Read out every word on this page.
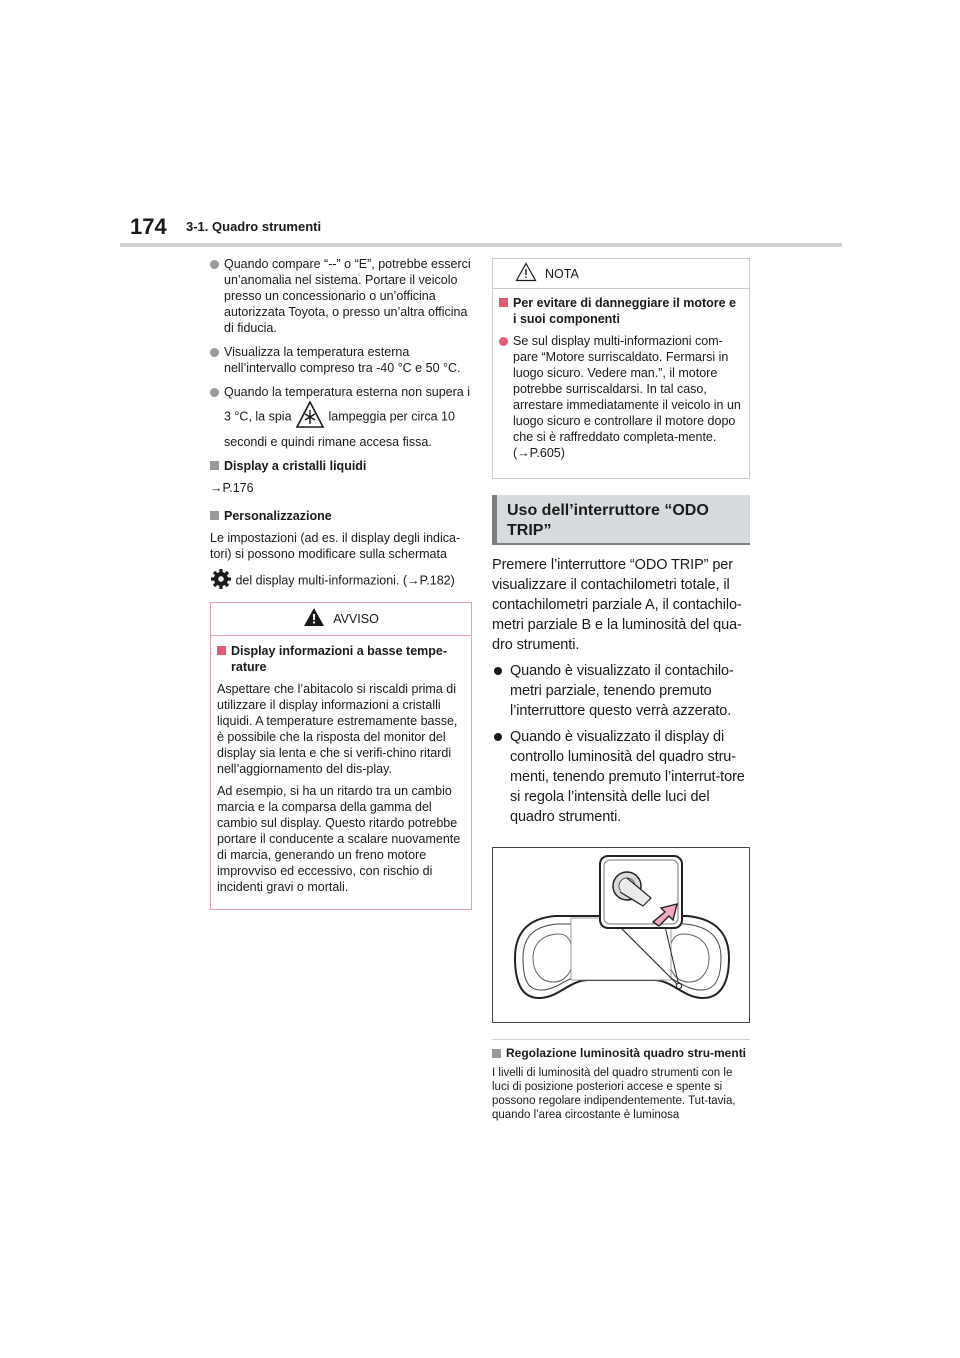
174 3-1. Quadro strumenti
Quando compare “--” o “E”, potrebbe esserci un’anomalia nel sistema. Portare il veicolo presso un concessionario o un’officina autorizzata Toyota, o presso un’altra officina di fiducia.
Visualizza la temperatura esterna nell’intervallo compreso tra -40 °C e 50 °C.
Quando la temperatura esterna non supera i 3 °C, la spia	lampeggia per circa 10 secondi e quindi rimane accesa fissa.
Display a cristalli liquidi
→P.176
Personalizzazione
Le impostazioni (ad es. il display degli indica-tori) si possono modificare sulla schermata
del display multi-informazioni. (→P.182)
AVVISO
Display informazioni a basse tempe-rature
Aspettare che l’abitacolo si riscaldi prima di utilizzare il display informazioni a cristalli liquidi. A temperature estremamente basse, è possibile che la risposta del monitor del display sia lenta e che si verifi-chino ritardi nell’aggiornamento del dis-play.
Ad esempio, si ha un ritardo tra un cambio marcia e la comparsa della gamma del cambio sul display. Questo ritardo potrebbe portare il conducente a scalare nuovamente di marcia, generando un freno motore improvviso ed eccessivo, con rischio di incidenti gravi o mortali.
NOTA
Per evitare di danneggiare il motore e i suoi componenti
Se sul display multi-informazioni com-pare “Motore surriscaldato. Fermarsi in luogo sicuro. Vedere man.”, il motore potrebbe surriscaldarsi. In tal caso, arrestare immediatamente il veicolo in un luogo sicuro e controllare il motore dopo che si è raffreddato completa-mente. (→P.605)
Uso dell’interruttore “ODO
TRIP”
Premere l’interruttore “ODO TRIP” per visualizzare il contachilometri totale, il contachilometri parziale A, il contachilo-metri parziale B e la luminosità del qua-dro strumenti.
Quando è visualizzato il contachilo-metri parziale, tenendo premuto l’interruttore questo verrà azzerato.
Quando è visualizzato il display di controllo luminosità del quadro stru-menti, tenendo premuto l’interrut-tore si regola l’intensità delle luci del quadro strumenti.
Regolazione luminosità quadro stru-menti
I livelli di luminosità del quadro strumenti con le luci di posizione posteriori accese e spente si possono regolare indipendentemente. Tut-tavia, quando l’area circostante è luminosa
